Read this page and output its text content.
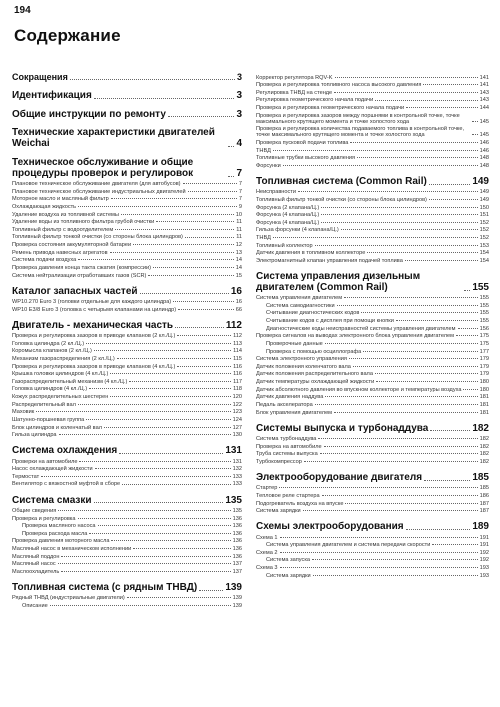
194
Содержание
Сокращения	3
Идентификация	3
Общие инструкции по ремонту	3
Технические характеристики двигателей Weichai	4
Техническое обслуживание и общие процедуры проверок и регулировок	7
Плановое техническое обслуживание двигателя (для автобусов)	7
Плановое техническое обслуживание индустриальных двигателей	7
Моторное масло и масляный фильтр	7
Охлаждающая жидкость	9
Удаление воздуха из топливной системы	10
Удаление воды из топливного фильтра грубой очистки	11
Топливный фильтр с водоотделителем	11
Топливный фильтр тонкой очистки (со стороны блока цилиндров)	11
Проверка состояния аккумуляторной батареи	12
Ремень привода навесных агрегатов	13
Система подачи воздуха	14
Проверка давления конца такта сжатия (компрессии)	14
Система нейтрализации отработавших газов (SCR)	15
Каталог запасных частей	16
WP10.270 Euro 3 (головки отдельные для каждого цилиндра)	16
WP10 E3/8 Euro 3 (головка с четырьмя клапанами на цилиндр)	66
Двигатель - механическая часть	112
Проверка и регулировка зазоров в приводе клапанов (2 кл./Ц.)	112
Головка цилиндра (2 кл./Ц.)	113
Коромысла клапанов (2 кл./Ц.)	114
Механизм газораспределения (2 кл./Ц.)	115
Проверка и регулировка зазоров в приводе клапанов (4 кл./Ц.)	116
Крышка головки цилиндров (4 кл./Ц.)	116
Газораспределительный механизм (4 кл./Ц.)	117
Головка цилиндров (4 кл./Ц.)	118
Кожух распределительных шестерен	120
Распределительный вал	122
Маховик	123
Шатунно-поршневая группа	124
Блок цилиндров и коленчатый вал	127
Гильза цилиндра	130
Система охлаждения	131
Проверки на автомобиле	131
Насос охлаждающей жидкости	132
Термостат	133
Вентилятор с вязкостной муфтой в сборе	133
Система смазки	135
Общие сведения	135
Проверка и регулировка	136
Проверка масляного насоса	136
Проверка расхода масла	136
Проверка давления моторного масла	136
Масляный насос в механическом исполнении	136
Масляный поддон	136
Масляный насос	137
Маслоохладитель	137
Топливная система (с рядным ТНВД)	139
Рядный ТНВД (индустриальные двигатели)	139
Описание	139
Корректор регулятора RQV-K	141
Проверка и регулировка топливного насоса высокого давления	141
Регулировка ТНВД на стенде	143
Регулировка геометрического начала подачи	143
Проверка и регулировка геометрического начала подачи	144
Проверка и регулировка зазоров между поршнями в контрольной точке, точке максимального крутящего момента и точке холостого хода	145
Проверка и регулировка количества подаваемого топлива в контрольной точке, точке максимального крутящего момента и точке холостого хода	145
Проверка пусковой подачи топлива	146
ТНВД	146
Топливные трубки высокого давления	148
Форсунки	148
Топливная система (Common Rail)	149
Неисправности	149
Топливный фильтр тонкой очистки (со стороны блока цилиндров)	149
Форсунка (2 клапана/Ц.)	150
Форсунка (4 клапана/Ц.)	151
Форсунка (4 клапана/Ц.)	152
Гильза форсунки (4 клапана/Ц.)	152
ТНВД	152
Топливный коллектор	153
Датчик давления в топливном коллекторе	154
Электромагнитный клапан управления подачей топлива	154
Система управления дизельным двигателем (Common Rail)	155
Система управления двигателем	155
Система самодиагностики	155
Считывание диагностических кодов	155
Считывание кодов с дисплея при помощи кнопки	155
Диагностические коды неисправностей системы управления двигателем	156
Проверка сигналов на выводах электронного блока управления двигателем	175
Проверочные данные	175
Проверка с помощью осциллографа	177
Система электронного управления	179
Датчик положения коленчатого вала	179
Датчик положения распределительного вала	179
Датчик температуры охлаждающей жидкости	180
Датчик абсолютного давления во впускном коллекторе и температуры воздуха	180
Датчик давления наддува	181
Педаль акселератора	181
Блок управления двигателем	181
Системы выпуска и турбонаддува	182
Система турбонаддува	182
Проверка на автомобиле	182
Труба системы выпуска	182
Турбокомпрессор	182
Электрооборудование двигателя	185
Стартер	185
Тепловое реле стартера	186
Подогреватель воздуха на впуске	187
Система зарядки	187
Схемы электрооборудования	189
Схема 1	191
Система управления двигателем и система передачи скорости	191
Схема 2	192
Система запуска	192
Схема 3	193
Система зарядки	193
